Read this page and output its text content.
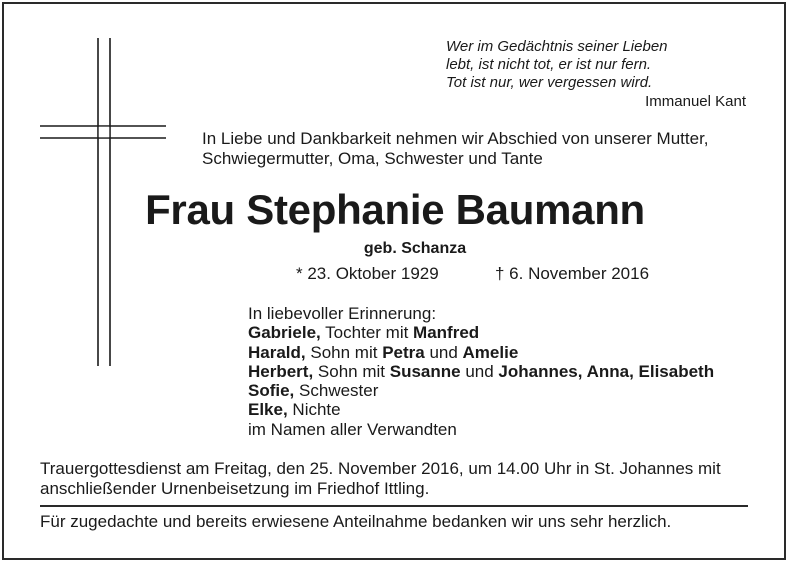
Wer im Gedächtnis seiner Lieben
lebt, ist nicht tot, er ist nur fern.
Tot ist nur, wer vergessen wird.
Immanuel Kant
In Liebe und Dankbarkeit nehmen wir Abschied von unserer Mutter,
Schwiegermutter, Oma, Schwester und Tante
Frau Stephanie Baumann
geb. Schanza
* 23. Oktober 1929	† 6. November 2016
In liebevoller Erinnerung:
Gabriele, Tochter mit Manfred
Harald, Sohn mit Petra und Amelie
Herbert, Sohn mit Susanne und Johannes, Anna, Elisabeth
Sofie, Schwester
Elke, Nichte
im Namen aller Verwandten
Trauergottesdienst am Freitag, den 25. November 2016, um 14.00 Uhr in St. Johannes mit
anschließender Urnenbeisetzung im Friedhof Ittling.
Für zugedachte und bereits erwiesene Anteilnahme bedanken wir uns sehr herzlich.
